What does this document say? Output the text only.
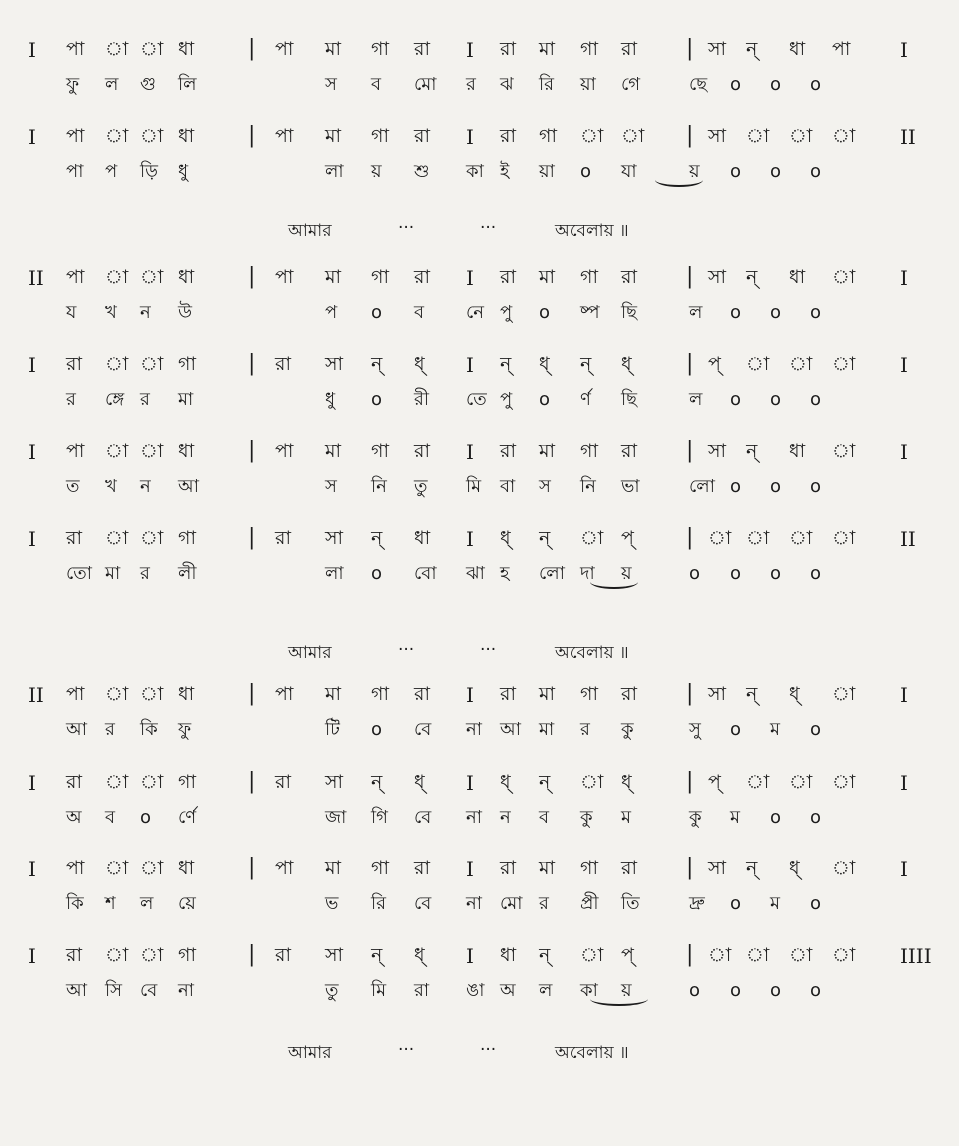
I পা া া ধা | পা মা গা রা I রা মা গা রা | সা ন্ ধা পা I
ফু ল গু লি	স ব মো র ঝ রি য়া গে	ছে o o o
I পা া া ধা | পা মা গা রা I রা গা া া | সা া া া II
পা প ড়ি ধু	লা য় শু কা ই য়া o যা	য় o o o
II পা া া ধা | পা মা গা রা I রা মা গা রা | সা ন্ ধা া I
য খ ন উ	প o ব নে পু o ষ্প ছি	ল o o o
I রা া া গা | রা সা ন্ ধ্ I ন্ ধ্ ন্ ধ্ | প্ া া া I
র ঙ্গে র মা	ধু o রী তে পু o র্ণ ছি	ল o o o
I পা া া ধা | পা মা গা রা I রা মা গা রা | সা ন্ ধা া I
ত খ ন আ	স নি তু মি বা স নি ভা	লো o o o
I রা া া গা | রা সা ন্ ধা I ধ্ ন্ া প্ | া া া া II
তো মা র লী	লা o বো ঝা হ লো দা য়	o o o o
II পা া া ধা | পা মা গা রা I রা মা গা রা | সা ন্ ধ্ া I
আ র কি ফু	টি o বে না আ মা র কু	সু o ম o
I রা া া গা | রা সা ন্ ধ্ I ধ্ ন্ া ধ্ | প্ া া া I
অ ব o র্ণে	জা গি বে না ন ব কু ম	কু ম o o
I পা া া ধা | পা মা গা রা I রা মা গা রা | সা ন্ ধ্ া I
কি শ ল য়ে	ভ রি বে না মো র প্রী তি	দ্রু o ম o
I রা া া গা | রা সা ন্ ধ্ I ধা ন্ া প্ | া া া া IIII
আ সি বে না	তু মি রা ঙা অ ল কা য়	o o o o
আমার	···	···	অবেলায় ॥
আমার	···	···	অবেলায় ॥
আমার	···	···	অবেলায় ॥
